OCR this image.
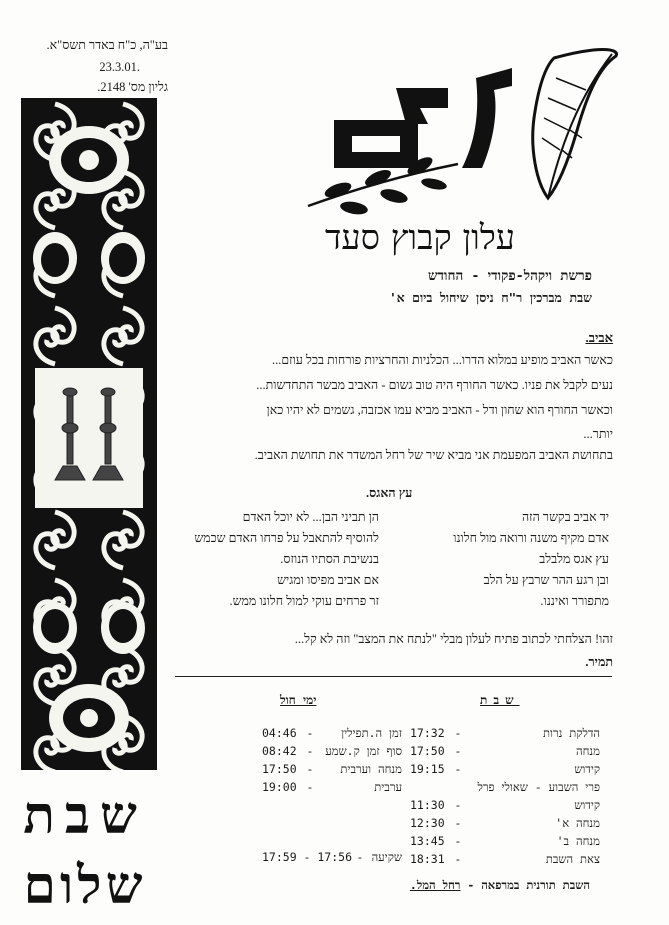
בע"ה, כ"ח באדר תשס"א.
23.3.01.
גליון מס' 2148.
שבת
שלום
עלון קבוץ סעד
פרשת ויקהל-פקודי - החודש
שבת מברכין ר"ח ניסן שיחול ביום א'
אביב.
כאשר האביב מופיע במלוא הדרו... הכלניות והחרציות פורחות בכל עוזם...
נעים לקבל את פניו. כאשר החורף היה טוב גשום - האביב מבשר התחדשות...
וכאשר החורף הוא שחון ודל - האביב מביא עמו אכזבה, גשמים לא יהיו כאן
יותר...
בתחושת האביב המפעמת אני מביא שיר של רחל המשדר את תחושת האביב.
עץ האגס.
יד אביב בקשר הזה
אדם מקיף משנה ורואה מול חלונו
עץ אגס מלבלב
ובן רגע ההר שרבץ על הלב
מתפורר ואיננו.
הן תביני הבן... לא יוכל האדם
להוסיף להתאבל על פרחו האדם שכמש
בנשיבת הסתיו הנוזס.
אם אביב מפיסו ומגיש
זר פרחים עוקי למול חלונו ממש.
זהו! הצלחתי לכתוב פתיח לעלון מבלי "לנתח את המצב" וזה לא קל...
תמיר.
שבת
ימי חול
17:32 -	הדלקת נרות
17:50 -	מנחה
19:15 -	קידוש
פרי השבוע - שאולי פרל
11:30 -	קידוש
12:30 -	מנחה א'
13:45 -	מנחה ב'
18:31 -	צאת השבת
04:46 - זמן ה.תפילין
08:42 - סוף זמן ק.שמע
17:50 - מנחה וערבית
19:00 -	ערבית
17:59 - 17:56 - שקיעה
השבת תורנית במרפאה - רחל המל.
